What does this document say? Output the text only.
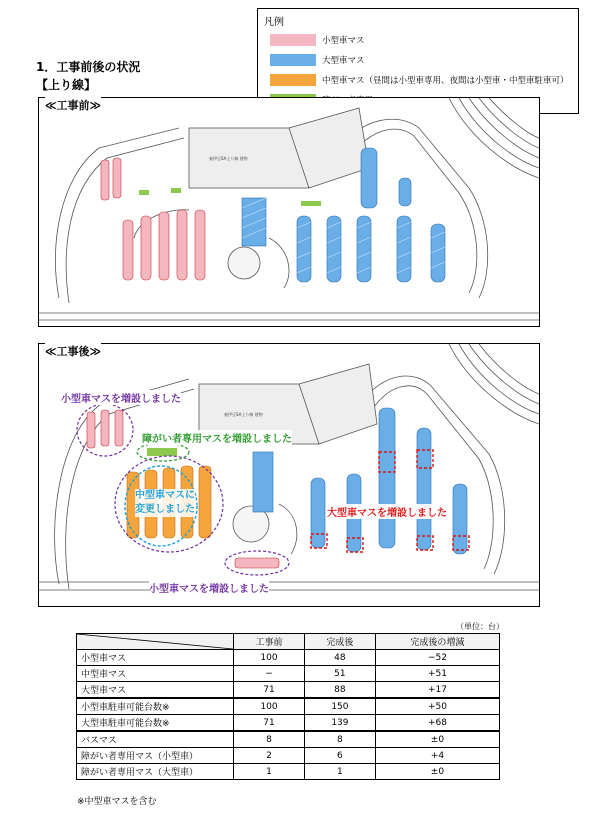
1．工事前後の状況
【上り線】
凡例
小型車マス
大型車マス
中型車マス（昼間は小型車専用、夜間は小型車・中型車駐車可）
東伊豆SA上り線 建物
≪工事前≫
東伊豆SA上り線 建物
≪工事後≫
小型車マスを増設しました
障がい者専用マスを増設しました
中型車マスに
変更しました	大型車マスを増設しました
小型車マスを増設しました
（単位：台）
	工事前	完成後	完成後の増減
小型車マス	100	48	−52
中型車マス	−	51	+51
大型車マス	71	88	+17
小型車駐車可能台数※	100	150	+50
大型車駐車可能台数※	71	139	+68
バスマス	8	8	±0
障がい者専用マス（小型車）	2	6	+4
障がい者専用マス（大型車）	1	1	±0
※中型車マスを含む
